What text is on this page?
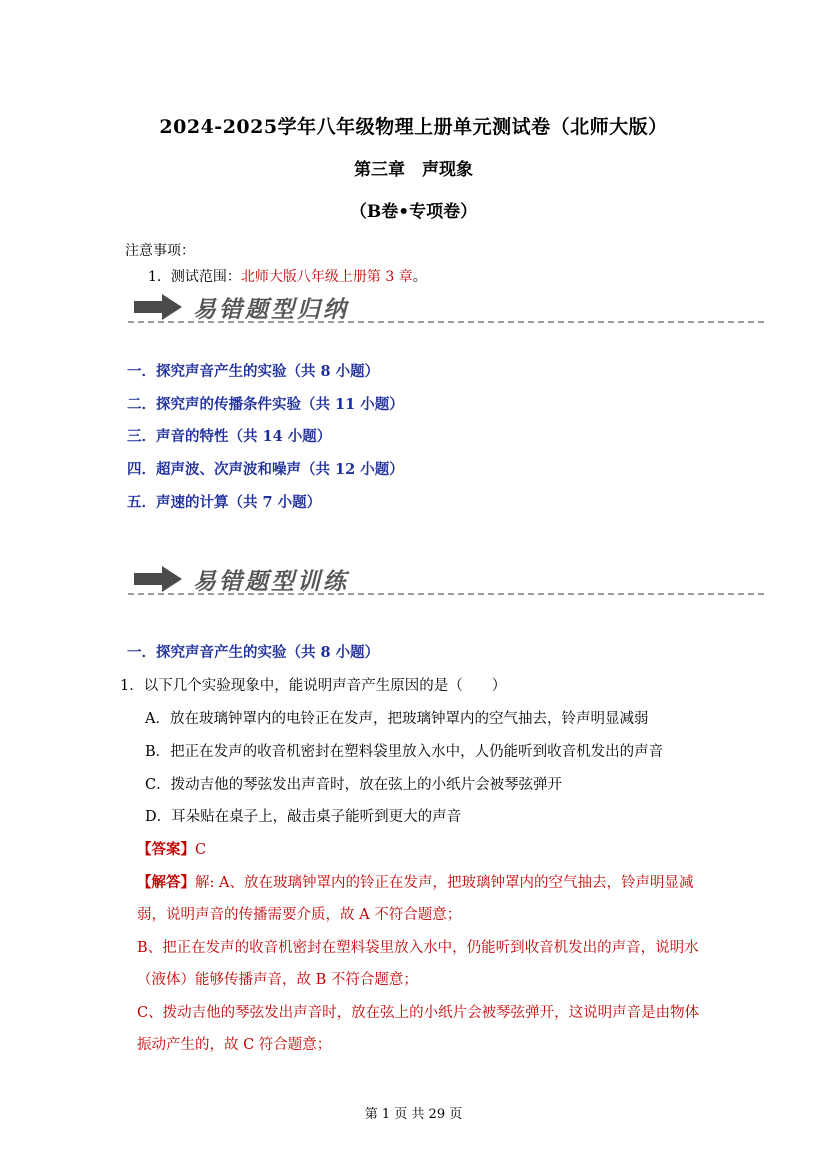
2024-2025学年八年级物理上册单元测试卷（北师大版）
第三章　声现象
（B卷•专项卷）
注意事项：
1．测试范围：北师大版八年级上册第 3 章。
易错题型归纳
一．探究声音产生的实验（共 8 小题）
二．探究声的传播条件实验（共 11 小题）
三．声音的特性（共 14 小题）
四．超声波、次声波和噪声（共 12 小题）
五．声速的计算（共 7 小题）
易错题型训练
一．探究声音产生的实验（共 8 小题）
1．以下几个实验现象中，能说明声音产生原因的是（　　）
A．放在玻璃钟罩内的电铃正在发声，把玻璃钟罩内的空气抽去，铃声明显减弱
B．把正在发声的收音机密封在塑料袋里放入水中，人仍能听到收音机发出的声音
C．拨动吉他的琴弦发出声音时，放在弦上的小纸片会被琴弦弹开
D．耳朵贴在桌子上，敲击桌子能听到更大的声音
【答案】C
【解答】解: A、放在玻璃钟罩内的铃正在发声，把玻璃钟罩内的空气抽去，铃声明显减
弱，说明声音的传播需要介质，故 A 不符合题意；
B、把正在发声的收音机密封在塑料袋里放入水中，仍能听到收音机发出的声音，说明水
（液体）能够传播声音，故 B 不符合题意；
C、拨动吉他的琴弦发出声音时，放在弦上的小纸片会被琴弦弹开，这说明声音是由物体
振动产生的，故 C 符合题意；
第 1 页 共 29 页
